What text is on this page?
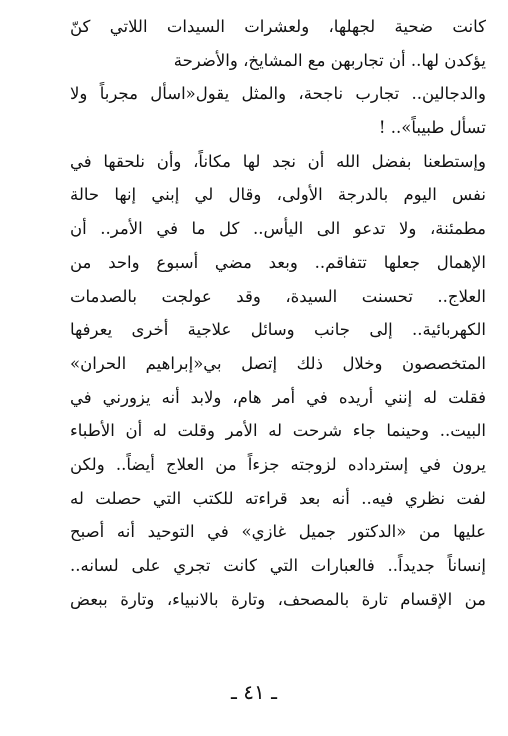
كانت ضحية لجهلها، ولعشرات السيدات اللاتي كنّ
يؤكدن لها.. أن تجاربهن مع المشايخ، والأضرحة
والدجالين.. تجارب ناجحة، والمثل يقول«اسأل مجرباً ولا
تسأل طبيباً».. !
وإستطعنا بفضل الله أن نجد لها مكاناً، وأن نلحقها في
نفس اليوم بالدرجة الأولى، وقال لي إبني إنها حالة
مطمئنة، ولا تدعو الى اليأس.. كل ما في الأمر.. أن
الإهمال جعلها تتفاقم.. وبعد مضي أسبوع واحد من
العلاج.. تحسنت السيدة، وقد عولجت بالصدمات
الكهربائية.. إلى جانب وسائل علاجية أخرى يعرفها
المتخصصون وخلال ذلك إتصل بي«إبراهيم الحران»
فقلت له إنني أريده في أمر هام، ولابد أنه يزورني في
البيت.. وحينما جاء شرحت له الأمر وقلت له أن الأطباء
يرون في إسترداده لزوجته جزءاً من العلاج أيضاً.. ولكن
لفت نظري فيه.. أنه بعد قراءته للكتب التي حصلت له
عليها من «الدكتور جميل غازي» في التوحيد أنه أصبح
إنساناً جديداً.. فالعبارات التي كانت تجري على لسانه..
من الإقسام تارة بالمصحف، وتارة بالانبياء، وتارة ببعض
ـ ٤١ ـ
